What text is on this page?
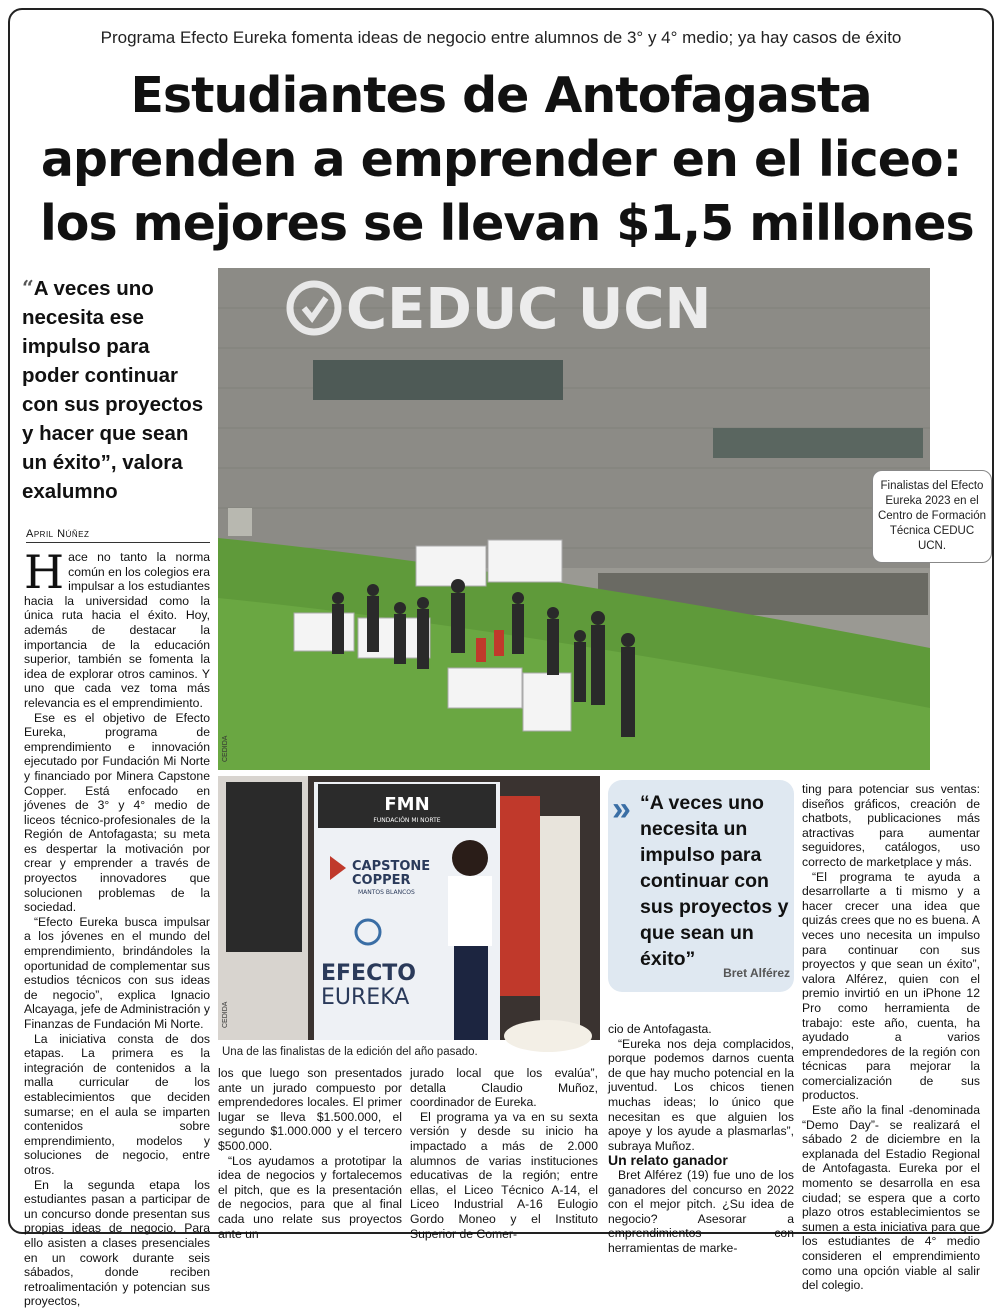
Programa Efecto Eureka fomenta ideas de negocio entre alumnos de 3° y 4° medio; ya hay casos de éxito
Estudiantes de Antofagasta
aprenden a emprender en el liceo:
los mejores se llevan $1,5 millones
“A veces uno necesita ese impulso para poder continuar con sus proyectos y hacer que sean un éxito”, valora exalumno
April Núñez
CEDUC UCN
CEDIDA
Finalistas del Efecto Eureka 2023 en el Centro de Formación Técnica CEDUC UCN.
FMN
FUNDACIÓN MI NORTE
CAPSTONE
COPPER
MANTOS BLANCOS
EFECTO
EUREKA
CEDIDA
Una de las finalistas de la edición del año pasado.

Hace no tanto la norma común en los colegios era impulsar a los estudiantes hacia la universidad como la única ruta hacia el éxito. Hoy, además de destacar la importancia de la educación superior, también se fomenta la idea de explorar otros caminos. Y uno que cada vez toma más relevancia es el emprendimiento.

Ese es el objetivo de Efecto Eureka, programa de emprendimiento e innovación ejecutado por Fundación Mi Norte y financiado por Minera Capstone Copper. Está enfocado en jóvenes de 3° y 4° medio de liceos técnico-profesionales de la Región de Antofagasta; su meta es despertar la motivación por crear y emprender a través de proyectos innovadores que solucionen problemas de la sociedad.

“Efecto Eureka busca impulsar a los jóvenes en el mundo del emprendimiento, brindándoles la oportunidad de complementar sus estudios técnicos con sus ideas de negocio”, explica Ignacio Alcayaga, jefe de Administración y Finanzas de Fundación Mi Norte.

La iniciativa consta de dos etapas. La primera es la integración de contenidos a la malla curricular de los establecimientos que deciden sumarse; en el aula se imparten contenidos sobre emprendimiento, modelos y soluciones de negocio, entre otros.

En la segunda etapa los estudiantes pasan a participar de un concurso donde presentan sus propias ideas de negocio. Para ello asisten a clases presenciales en un cowork durante seis sábados, donde reciben retroalimentación y potencian sus proyectos,

los que luego son presentados ante un jurado compuesto por emprendedores locales. El primer lugar se lleva $1.500.000, el segundo $1.000.000 y el tercero $500.000.

“Los ayudamos a prototipar la idea de negocios y fortalecemos el pitch, que es la presentación de negocios, para que al final cada uno relate sus proyectos ante un

jurado local que los evalúa”, detalla Claudio Muñoz, coordinador de Eureka.

El programa ya va en su sexta versión y desde su inicio ha impactado a más de 2.000 alumnos de varias instituciones educativas de la región; entre ellas, el Liceo Técnico A-14, el Liceo Industrial A-16 Eulogio Gordo Moneo y el Instituto Superior de Comer-

» “A veces uno necesita un impulso para continuar con sus proyectos y que sean un éxito”
Bret Alférez

cio de Antofagasta.

“Eureka nos deja complacidos, porque podemos darnos cuenta de que hay mucho potencial en la juventud. Los chicos tienen muchas ideas; lo único que necesitan es que alguien los apoye y los ayude a plasmarlas”, subraya Muñoz.

Un relato ganador

Bret Alférez (19) fue uno de los ganadores del concurso en 2022 con el mejor pitch. ¿Su idea de negocio? Asesorar a emprendimientos con herramientas de marke-

ting para potenciar sus ventas: diseños gráficos, creación de chatbots, publicaciones más atractivas para aumentar seguidores, catálogos, uso correcto de marketplace y más.

“El programa te ayuda a desarrollarte a ti mismo y a hacer crecer una idea que quizás crees que no es buena. A veces uno necesita un impulso para continuar con sus proyectos y que sean un éxito”, valora Alférez, quien con el premio invirtió en un iPhone 12 Pro como herramienta de trabajo: este año, cuenta, ha ayudado a varios emprendedores de la región con técnicas para mejorar la comercialización de sus productos.

Este año la final -denominada “Demo Day”- se realizará el sábado 2 de diciembre en la explanada del Estadio Regional de Antofagasta. Eureka por el momento se desarrolla en esa ciudad; se espera que a corto plazo otros establecimientos se sumen a esta iniciativa para que los estudiantes de 4° medio consideren el emprendimiento como una opción viable al salir del colegio.
